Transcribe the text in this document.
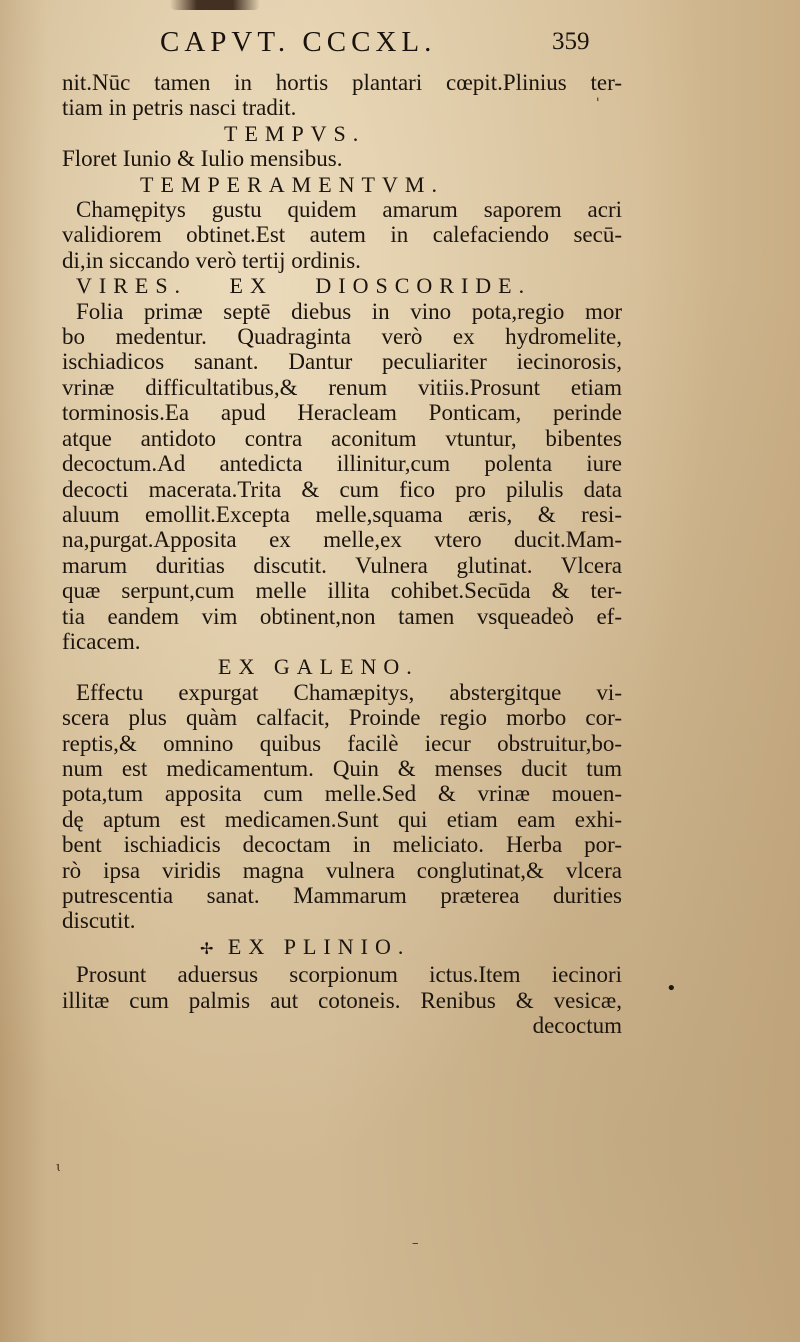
CAPVT. CCCXL.	359
nit.Nūc tamen in hortis plantari cœpit.Plinius ter-
tiam in petris nasci tradit.
TEMPVS.
Floret Iunio & Iulio mensibus.
TEMPERAMENTVM.
Chamępitys gustu quidem amarum saporem acri
validiorem obtinet.Est autem in calefaciendo secū-
di,in siccando verò tertij ordinis.
VIRES. EX DIOSCORIDE.
Folia primæ septē diebus in vino pota,regio mor
bo medentur. Quadraginta verò ex hydromelite,
ischiadicos sanant. Dantur peculiariter iecinorosis,
vrinæ difficultatibus,& renum vitiis.Prosunt etiam
torminosis.Ea apud Heracleam Ponticam, perinde
atque antidoto contra aconitum vtuntur, bibentes
decoctum.Ad antedicta illinitur,cum polenta iure
decocti macerata.Trita & cum fico pro pilulis data
aluum emollit.Excepta melle,squama æris, & resi-
na,purgat.Apposita ex melle,ex vtero ducit.Mam-
marum duritias discutit. Vulnera glutinat. Vlcera
quæ serpunt,cum melle illita cohibet.Secūda & ter-
tia eandem vim obtinent,non tamen vsqueadeò ef-
ficacem.
EX GALENO.
Effectu expurgat Chamæpitys, abstergitque vi-
scera plus quàm calfacit, Proinde regio morbo cor-
reptis,& omnino quibus facilè iecur obstruitur,bo-
num est medicamentum. Quin & menses ducit tum
pota,tum apposita cum melle.Sed & vrinæ mouen-
dę aptum est medicamen.Sunt qui etiam eam exhi-
bent ischiadicis decoctam in meliciato. Herba por-
rò ipsa viridis magna vulnera conglutinat,& vlcera
putrescentia sanat. Mammarum præterea durities
discutit.
✢ EX PLINIO.
Prosunt aduersus scorpionum ictus.Item iecinori
illitæ cum palmis aut cotoneis. Renibus & vesicæ,
decoctum
•
'
ɩ
–
